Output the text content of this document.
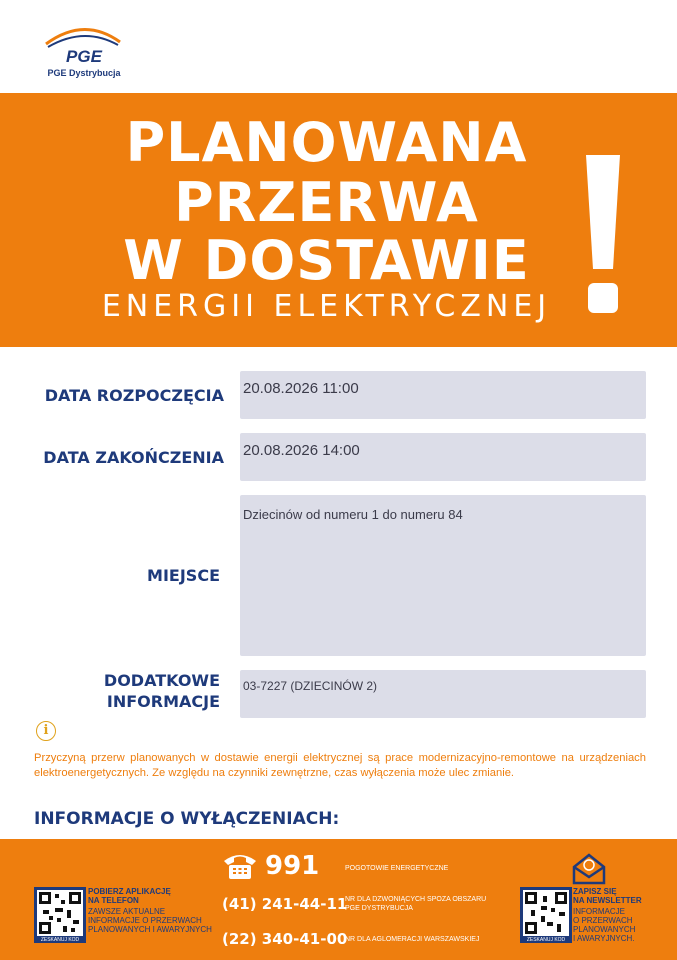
PGE
PGE Dystrybucja
PLANOWANA
PRZERWA
W DOSTAWIE
ENERGII ELEKTRYCZNEJ
DATA ROZPOCZĘCIA 20.08.2026 11:00
DATA ZAKOŃCZENIA 20.08.2026 14:00
MIEJSCE
Dziecinów od numeru 1 do numeru 84
DODATKOWE
INFORMACJE
03-7227 (DZIECINÓW 2)
i
Przyczyną przerw planowanych w dostawie energii elektrycznej są prace modernizacyjno-remontowe na urządzeniach elektroenergetycznych. Ze względu na czynniki zewnętrzne, czas wyłączenia może ulec zmianie.
INFORMACJE O WYŁĄCZENIACH:
ZESKANUJ KOD
POBIERZ APLIKACJĘ
NA TELEFON
ZAWSZE AKTUALNE
INFORMACJE O PRZERWACH
PLANOWANYCH I AWARYJNYCH
991	POGOTOWIE ENERGETYCZNE
(41) 241-44-11
NR DLA DZWONIĄCYCH SPOZA OBSZARU
PGE DYSTRYBUCJA
(22) 340-41-00
NR DLA AGLOMERACJI WARSZAWSKIEJ	ZESKANUJ KOD
ZAPISZ SIĘ
NA NEWSLETTER
INFORMACJE
O PRZERWACH
PLANOWANYCH
I AWARYJNYCH.
